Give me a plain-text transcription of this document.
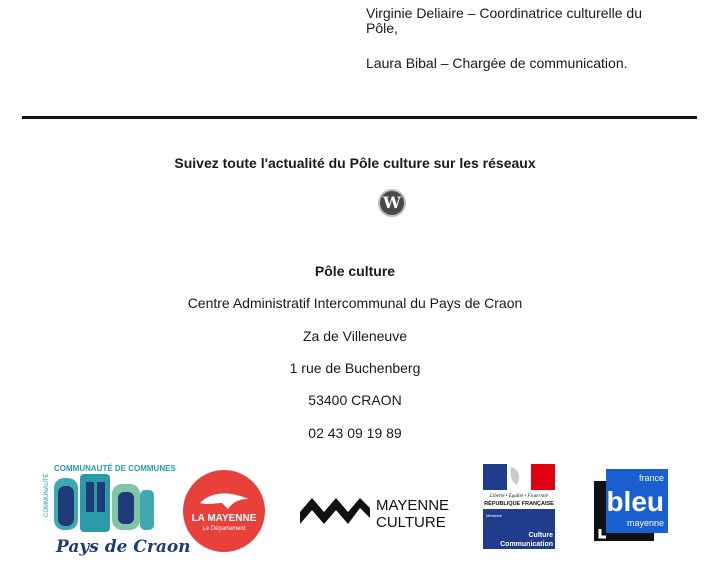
Virginie Deliaire – Coordinatrice culturelle du Pôle,
Laura Bibal – Chargée de communication.
Suivez toute l'actualité du Pôle culture sur les réseaux
W
Pôle culture
Centre Administratif Intercommunal du Pays de Craon
Za de Villeneuve
1 rue de Buchenberg
53400 CRAON
02 43 09 19 89
COMMUNAUTÉ DE COMMUNES
COMMUNAUTÉ
Pays de Craon
LA MAYENNE
Le Département
MAYENNE
CULTURE
Liberté • Égalité • Fraternité
RÉPUBLIQUE FRANÇAISE
Ministère
Culture
Communication
france
bleu
mayenne
